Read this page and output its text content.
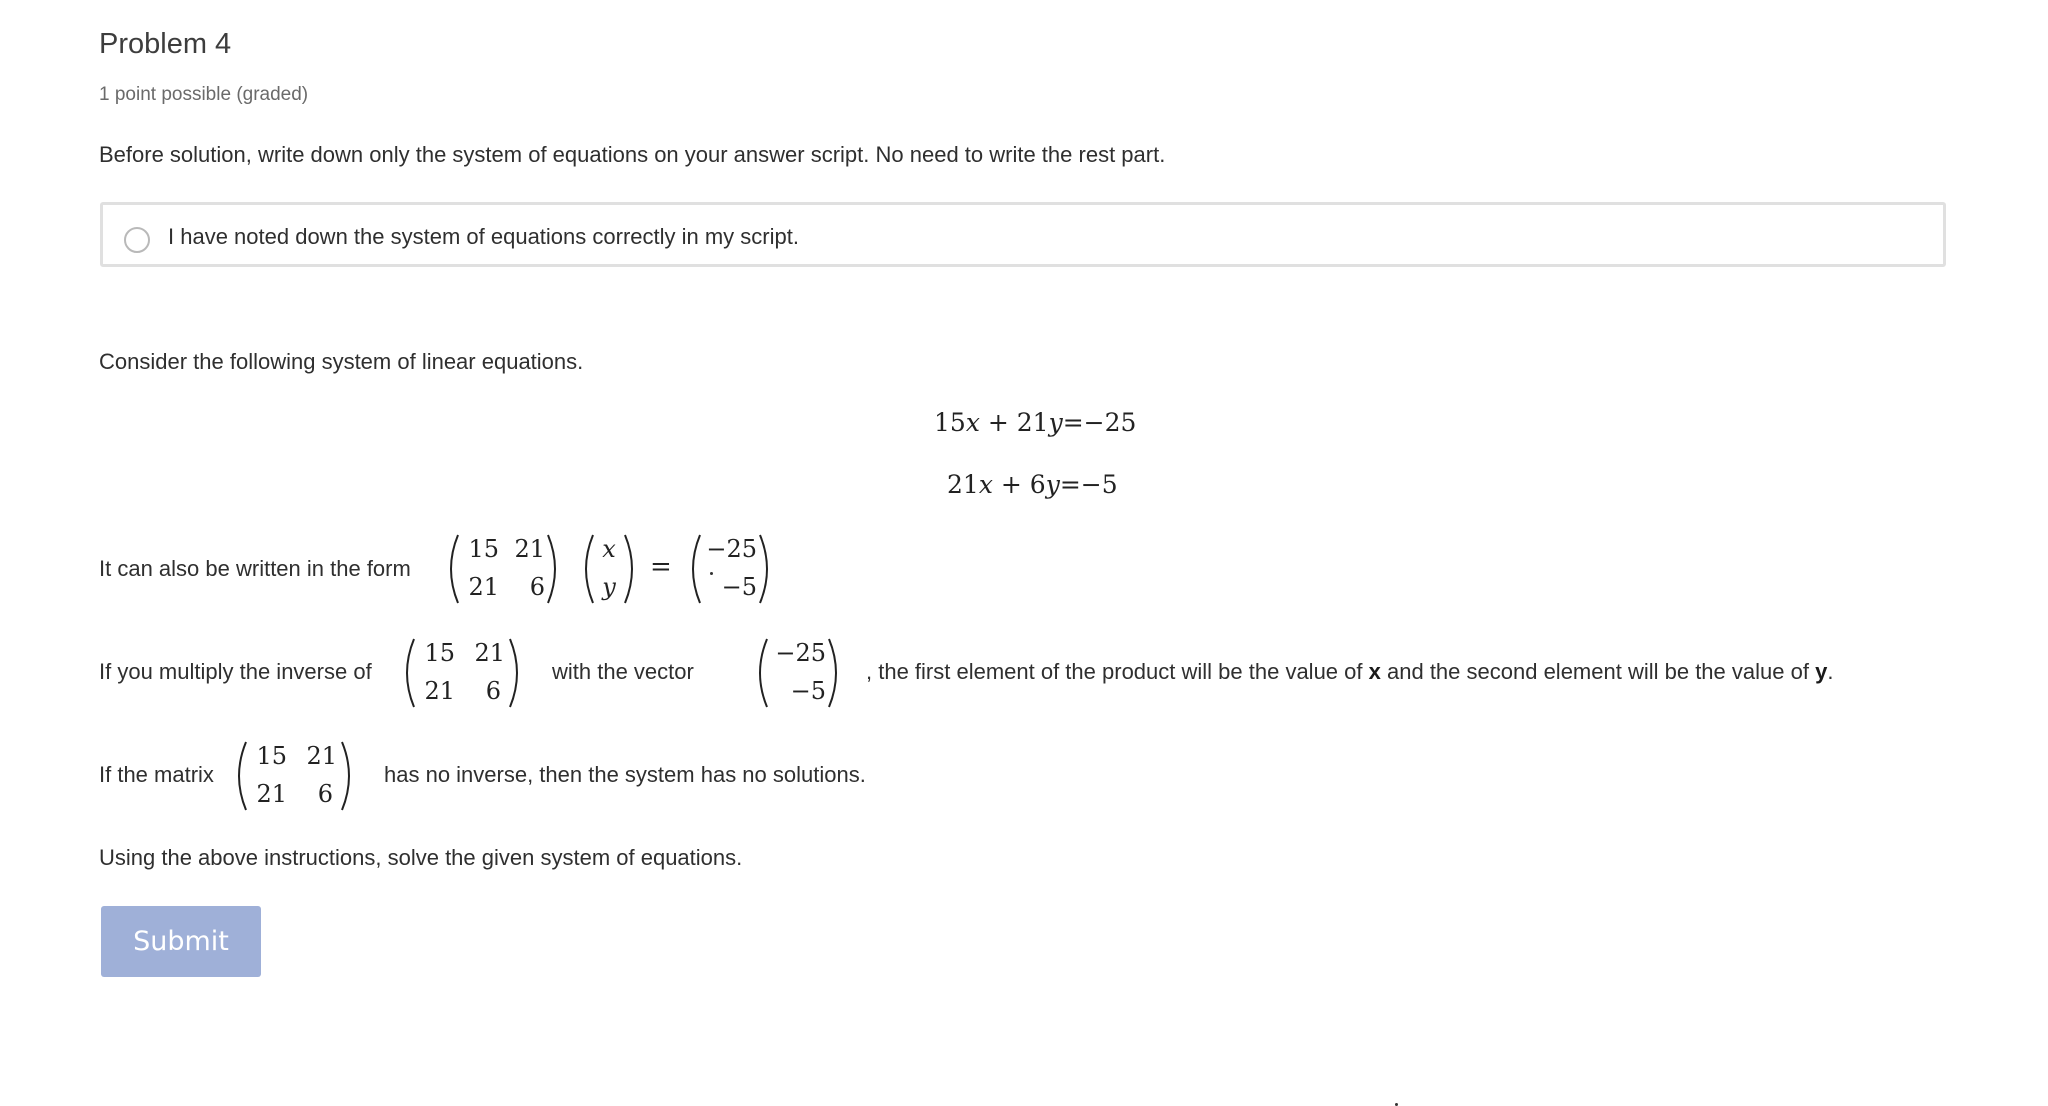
Problem 4
1 point possible (graded)
Before solution, write down only the system of equations on your answer script. No need to write the rest part.
I have noted down the system of equations correctly in my script.
Consider the following system of linear equations.
15x + 21y=−25
21x + 6y=−5
It can also be written in the form
15 21
21	6
x
y
=
−25
−5
If you multiply the inverse of
15 21
21	6
with the vector
−25
−5
, the first element of the product will be the value of x and the second element will be the value of y.
If the matrix
15 21
21	6
has no inverse, then the system has no solutions.
Using the above instructions, solve the given system of equations.
Submit
